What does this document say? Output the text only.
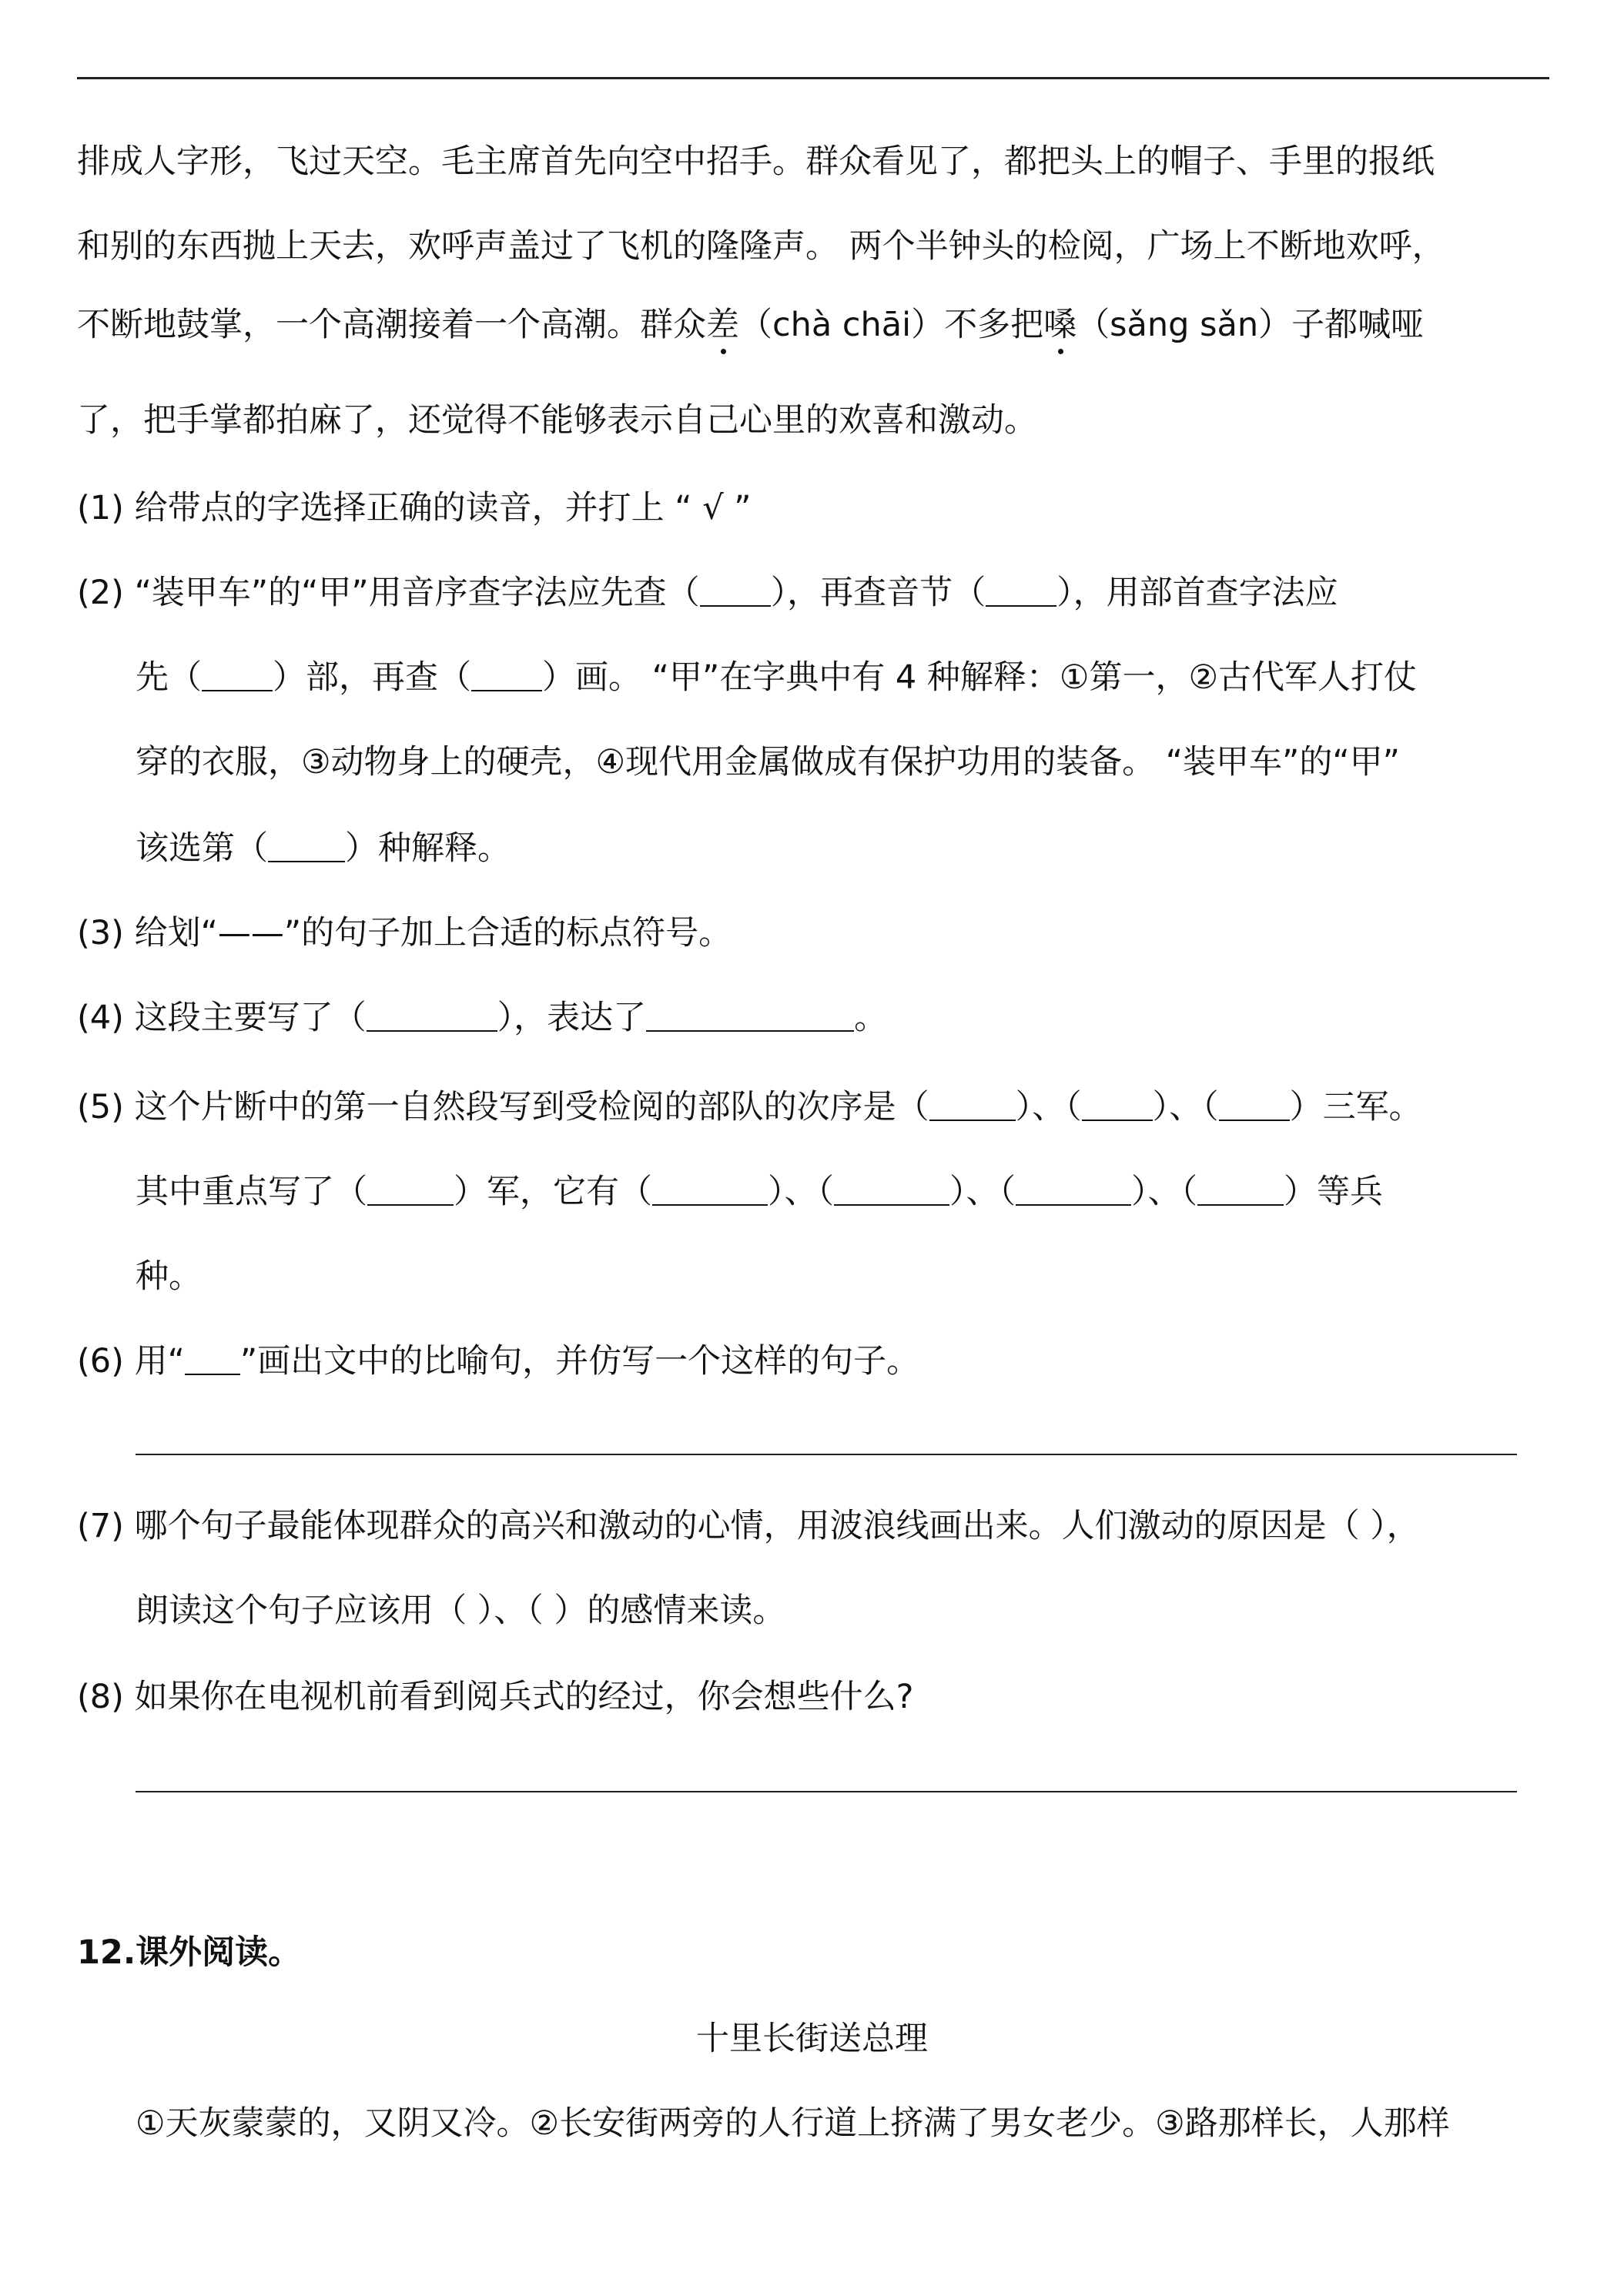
排成人字形，飞过天空。毛主席首先向空中招手。群众看见了，都把头上的帽子、手里的报纸
和别的东西抛上天去，欢呼声盖过了飞机的隆隆声。 两个半钟头的检阅，广场上不断地欢呼，
不断地鼓掌，一个高潮接着一个高潮。群众差（chà chāi）不多把嗓（sǎng sǎn）子都喊哑
了，把手掌都拍麻了，还觉得不能够表示自己心里的欢喜和激动。
(1) 给带点的字选择正确的读音，并打上 “ √ ”
(2) “装甲车”的“甲”用音序查字法应先查（ ），再查音节（ ），用部首查字法应
先（ ）部，再查（ ）画。 “甲”在字典中有 4 种解释：①第一，②古代军人打仗
穿的衣服，③动物身上的硬壳，④现代用金属做成有保护功用的装备。 “装甲车”的“甲”
该选第（ ）种解释。
(3) 给划“——”的句子加上合适的标点符号。
(4) 这段主要写了（	），表达了	。
(5) 这个片断中的第一自然段写到受检阅的部队的次序是（	）、（ ）、（ ）三军。
其中重点写了（	）军，它有（	）、（	）、（	）、（	）等兵
种。
(6) 用“ ”画出文中的比喻句，并仿写一个这样的句子。
(7) 哪个句子最能体现群众的高兴和激动的心情，用波浪线画出来。人们激动的原因是（ ），
朗读这个句子应该用（ ）、（ ）的感情来读。
(8) 如果你在电视机前看到阅兵式的经过，你会想些什么?
12.课外阅读。
十里长街送总理
①天灰蒙蒙的，又阴又冷。②长安街两旁的人行道上挤满了男女老少。③路那样长，人那样
